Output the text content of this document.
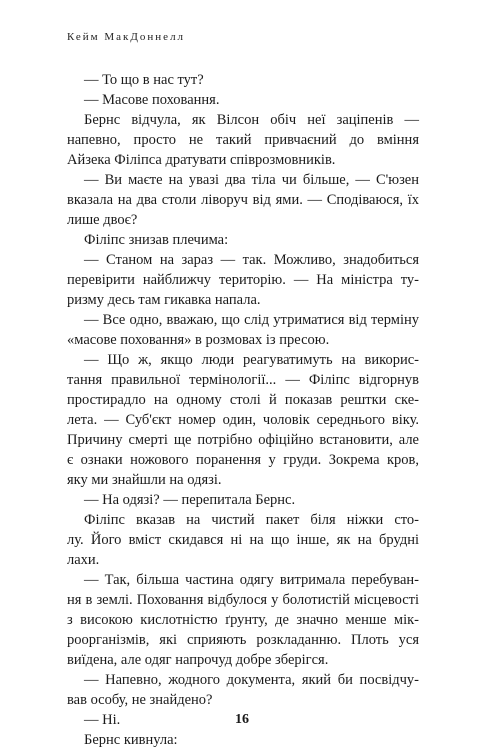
Кейм МакДоннелл
— То що в нас тут?
— Масове поховання.
Бернс відчула, як Вілсон обіч неї заціпенів —
напевно, просто не такий привчаєний до вміння
Айзека Філіпса дратувати співрозмовників.
— Ви маєте на увазі два тіла чи більше, — С'юзен
вказала на два столи ліворуч від ями. — Сподіваюся, їх
лише двоє?
Філіпс знизав плечима:
— Станом на зараз — так. Можливо, знадобиться
перевірити найближчу територію. — На міністра ту-
ризму десь там гикавка напала.
— Все одно, вважаю, що слід утриматися від терміну
«масове поховання» в розмовах із пресою.
— Що ж, якщо люди реагуватимуть на викорис-
тання правильної термінології... — Філіпс відгорнув
простирадло на одному столі й показав рештки ске-
лета. — Суб'єкт номер один, чоловік середнього віку.
Причину смерті ще потрібно офіційно встановити, але
є ознаки ножового поранення у груди. Зокрема кров,
яку ми знайшли на одязі.
— На одязі? — перепитала Бернс.
Філіпс вказав на чистий пакет біля ніжки сто-
лу. Його вміст скидався ні на що інше, як на брудні
лахи.
— Так, більша частина одягу витримала перебуван-
ня в землі. Поховання відбулося у болотистій місцевості
з високою кислотністю ґрунту, де значно менше мік-
роорганізмів, які сприяють розкладанню. Плоть уся
виїдена, але одяг напрочуд добре зберігся.
— Напевно, жодного документа, який би посвідчу-
вав особу, не знайдено?
— Ні.
Бернс кивнула:
16
